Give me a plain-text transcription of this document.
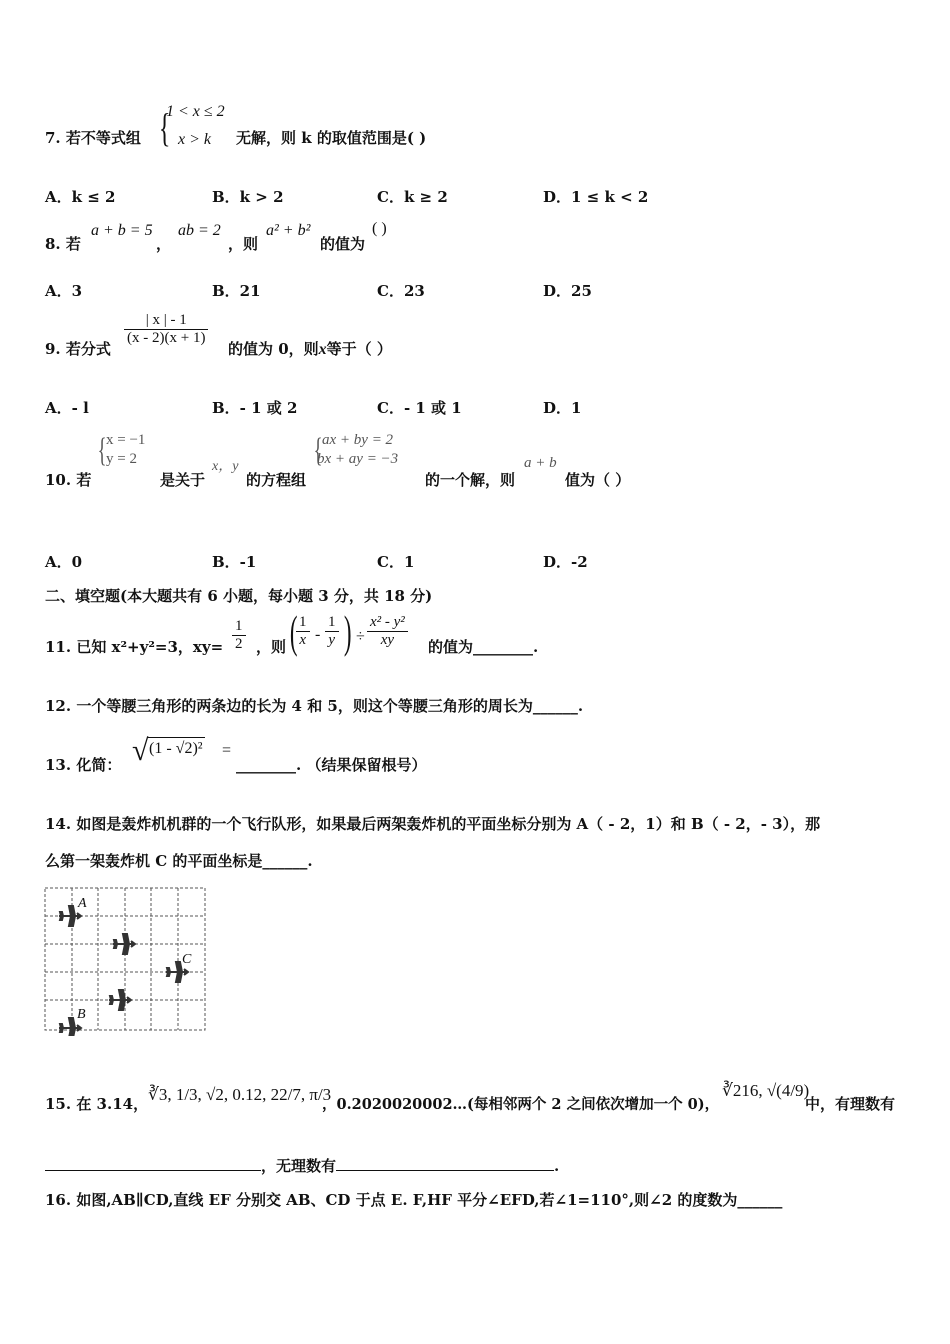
7. 若不等式组 {
1 < x ≤ 2
x > k 无解，则 k 的取值范围是( )
A．k ≤ 2	B．k > 2	C．k ≥ 2	D．1 ≤ k < 2
8. 若
a + b = 5
，
ab = 2
，则
a² + b²
的值为
( )
A．3	B．21	C．23	D．25
9. 若分式
$\frac{| x | - 1}{(x - 2)(x + 1)}$
的值为 0，则x等于（ ）
A．- l	B．- 1 或 2	C．- 1 或 1	D．1
10. 若
{ x = −1
y = 2
是关于
x，y
的方程组
{ ax + by = 2
bx + ay = −3
的一个解，则
a + b
值为（ ）
A．0	B．-1	C．1	D．-2
二、填空题(本大题共有 6 小题，每小题 3 分，共 18 分)
11. 已知 x²+y²=3，$xy= \frac{1}{2}$ ，则 (
$\frac{1}{x} - \frac{1}{y}$ ) ÷ $\frac{\text{x² - y²}}{xy}$ 的值为________.
12. 一个等腰三角形的两条边的长为 4 和 5，则这个等腰三角形的周长为______.
13. 化简： √ (1 - √2)² =
________. （结果保留根号）
14. 如图是轰炸机机群的一个飞行队形，如果最后两架轰炸机的平面坐标分别为 A（ - 2，1）和 B（ - 2，- 3），那
么第一架轰炸机 C 的平面坐标是______.
A
C
B
15. 在 3.14， ∛3, 1/3, √2, 0.12, 22/7, π/3
，0.2020020002…(每相邻两个 2 之间依次增加一个 0)，
∛216, √(4/9)
中，有理数有
，无理数有	.
16. 如图,AB∥CD,直线 EF 分别交 AB、CD 于点 E. F,HF 平分∠EFD,若∠1=110°,则∠2 的度数为______
